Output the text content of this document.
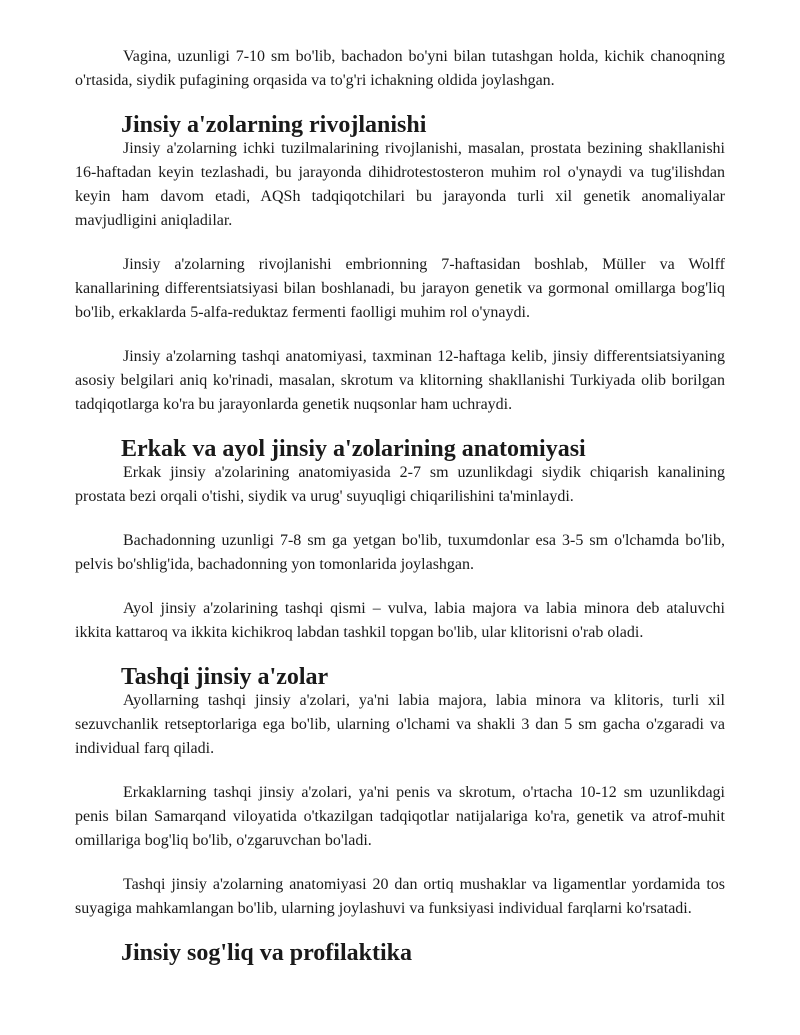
Vagina, uzunligi 7-10 sm bo'lib, bachadon bo'yni bilan tutashgan holda, kichik chanoqning o'rtasida, siydik pufagining orqasida va to'g'ri ichakning oldida joylashgan.

Jinsiy a'zolarning rivojlanishi

Jinsiy a'zolarning ichki tuzilmalarining rivojlanishi, masalan, prostata bezining shakllanishi 16-haftadan keyin tezlashadi, bu jarayonda dihidrotestosteron muhim rol o'ynaydi va tug'ilishdan keyin ham davom etadi, AQSh tadqiqotchilari bu jarayonda turli xil genetik anomaliyalar mavjudligini aniqladilar.

Jinsiy a'zolarning rivojlanishi embrionning 7-haftasidan boshlab, Müller va Wolff kanallarining differentsiatsiyasi bilan boshlanadi, bu jarayon genetik va gormonal omillarga bog'liq bo'lib, erkaklarda 5-alfa-reduktaz fermenti faolligi muhim rol o'ynaydi.

Jinsiy a'zolarning tashqi anatomiyasi, taxminan 12-haftaga kelib, jinsiy differentsiatsiyaning asosiy belgilari aniq ko'rinadi, masalan, skrotum va klitorning shakllanishi Turkiyada olib borilgan tadqiqotlarga ko'ra bu jarayonlarda genetik nuqsonlar ham uchraydi.

Erkak va ayol jinsiy a'zolarining anatomiyasi

Erkak jinsiy a'zolarining anatomiyasida 2-7 sm uzunlikdagi siydik chiqarish kanalining prostata bezi orqali o'tishi, siydik va urug' suyuqligi chiqarilishini ta'minlaydi.

Bachadonning uzunligi 7-8 sm ga yetgan bo'lib, tuxumdonlar esa 3-5 sm o'lchamda bo'lib, pelvis bo'shlig'ida, bachadonning yon tomonlarida joylashgan.

Ayol jinsiy a'zolarining tashqi qismi – vulva, labia majora va labia minora deb ataluvchi ikkita kattaroq va ikkita kichikroq labdan tashkil topgan bo'lib, ular klitorisni o'rab oladi.

Tashqi jinsiy a'zolar

Ayollarning tashqi jinsiy a'zolari, ya'ni labia majora, labia minora va klitoris, turli xil sezuvchanlik retseptorlariga ega bo'lib, ularning o'lchami va shakli 3 dan 5 sm gacha o'zgaradi va individual farq qiladi.

Erkaklarning tashqi jinsiy a'zolari, ya'ni penis va skrotum, o'rtacha 10-12 sm uzunlikdagi penis bilan Samarqand viloyatida o'tkazilgan tadqiqotlar natijalariga ko'ra, genetik va atrof-muhit omillariga bog'liq bo'lib, o'zgaruvchan bo'ladi.

Tashqi jinsiy a'zolarning anatomiyasi 20 dan ortiq mushaklar va ligamentlar yordamida tos suyagiga mahkamlangan bo'lib, ularning joylashuvi va funksiyasi individual farqlarni ko'rsatadi.

Jinsiy sog'liq va profilaktika
